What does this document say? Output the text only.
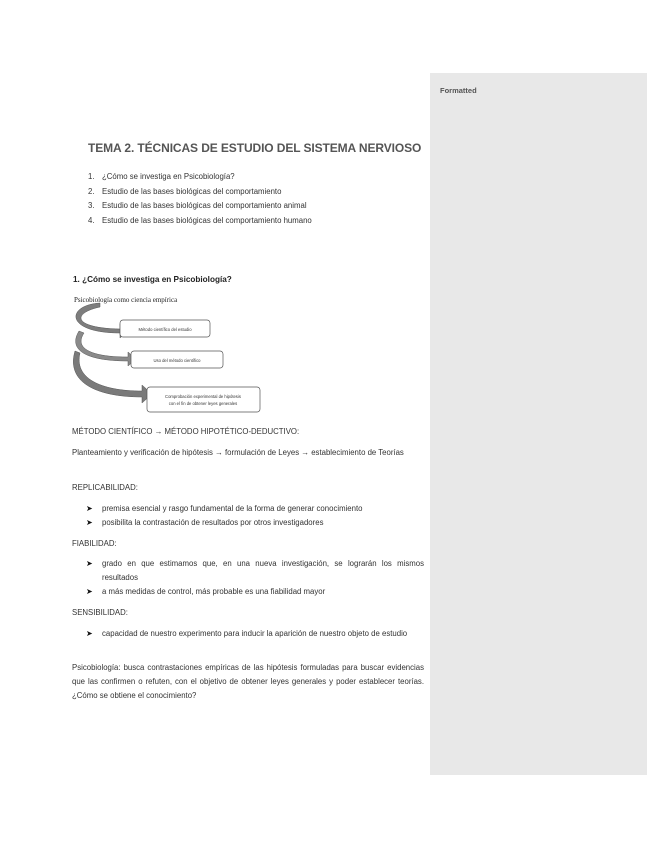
Formatted
TEMA 2. TÉCNICAS DE ESTUDIO DEL SISTEMA NERVIOSO
1. ¿Cómo se investiga en Psicobiología?
2. Estudio de las bases biológicas del comportamiento
3. Estudio de las bases biológicas del comportamiento animal
4. Estudio de las bases biológicas del comportamiento humano
1. ¿Cómo se investiga en Psicobiología?
Psicobiología como ciencia empírica
Método científico del estudio
Uso del método científico
Comprobación experimental de hipótesis
con el fin de obtener leyes generales
MÉTODO CIENTÍFICO → MÉTODO HIPOTÉTICO-DEDUCTIVO:
Planteamiento y verificación de hipótesis → formulación de Leyes → establecimiento de Teorías
REPLICABILIDAD:
➤ premisa esencial y rasgo fundamental de la forma de generar conocimiento
➤ posibilita la contrastación de resultados por otros investigadores
FIABILIDAD:
➤ grado en que estimamos que, en una nueva investigación, se lograrán los mismos resultados
➤ a más medidas de control, más probable es una fiabilidad mayor
SENSIBILIDAD:
➤ capacidad de nuestro experimento para inducir la aparición de nuestro objeto de estudio
Psicobiología: busca contrastaciones empíricas de las hipótesis formuladas para buscar evidencias que las confirmen o refuten, con el objetivo de obtener leyes generales y poder establecer teorías. ¿Cómo se obtiene el conocimiento?
